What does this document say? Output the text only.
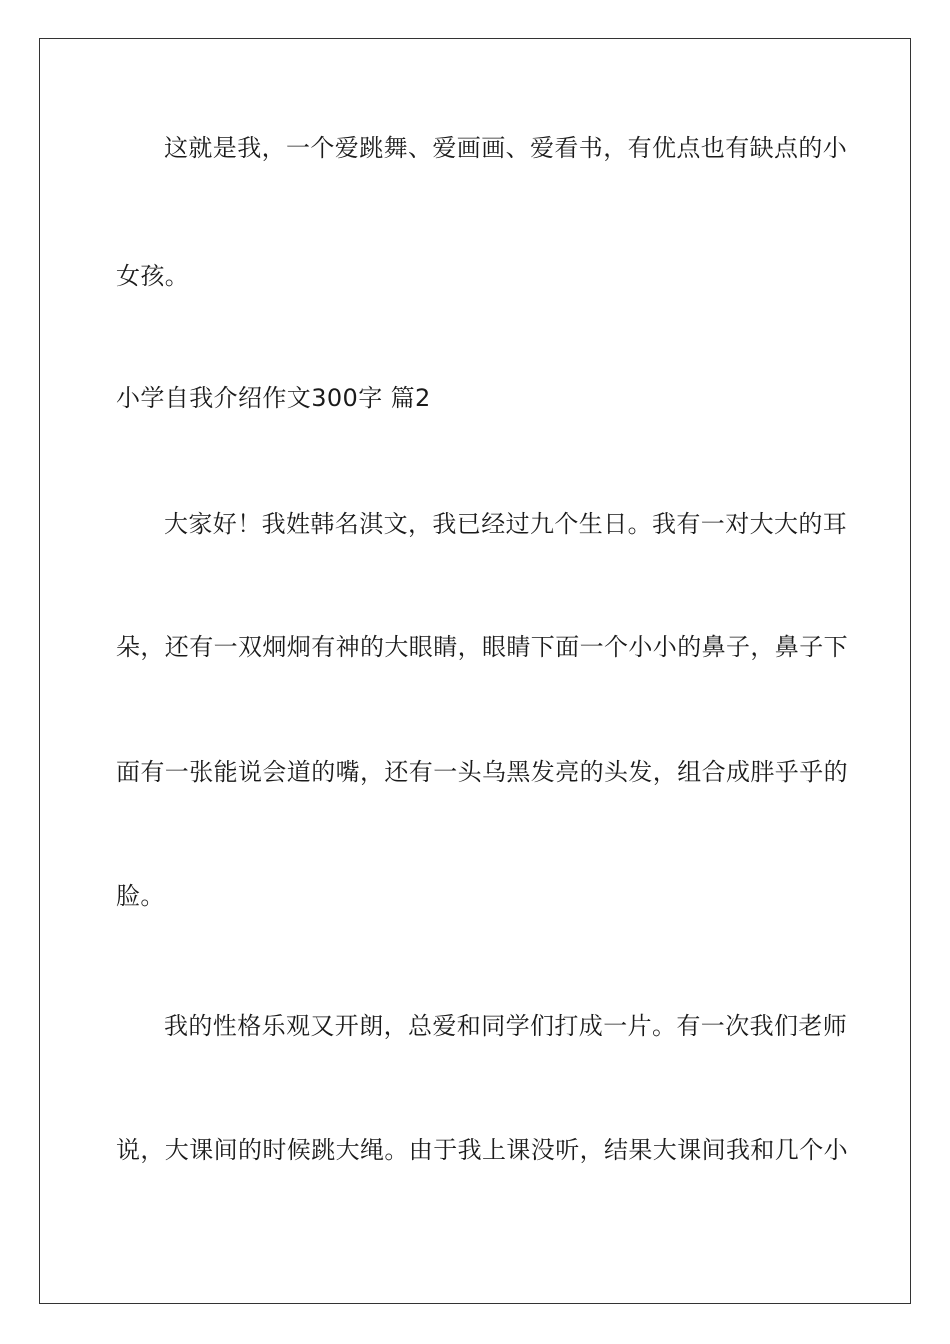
这就是我，一个爱跳舞、爱画画、爱看书，有优点也有缺点的小

女孩。

小学自我介绍作文300字 篇2

大家好！我姓韩名淇文，我已经过九个生日。我有一对大大的耳

朵，还有一双炯炯有神的大眼睛，眼睛下面一个小小的鼻子，鼻子下

面有一张能说会道的嘴，还有一头乌黑发亮的头发，组合成胖乎乎的

脸。

我的性格乐观又开朗，总爱和同学们打成一片。有一次我们老师

说，大课间的时候跳大绳。由于我上课没听，结果大课间我和几个小
